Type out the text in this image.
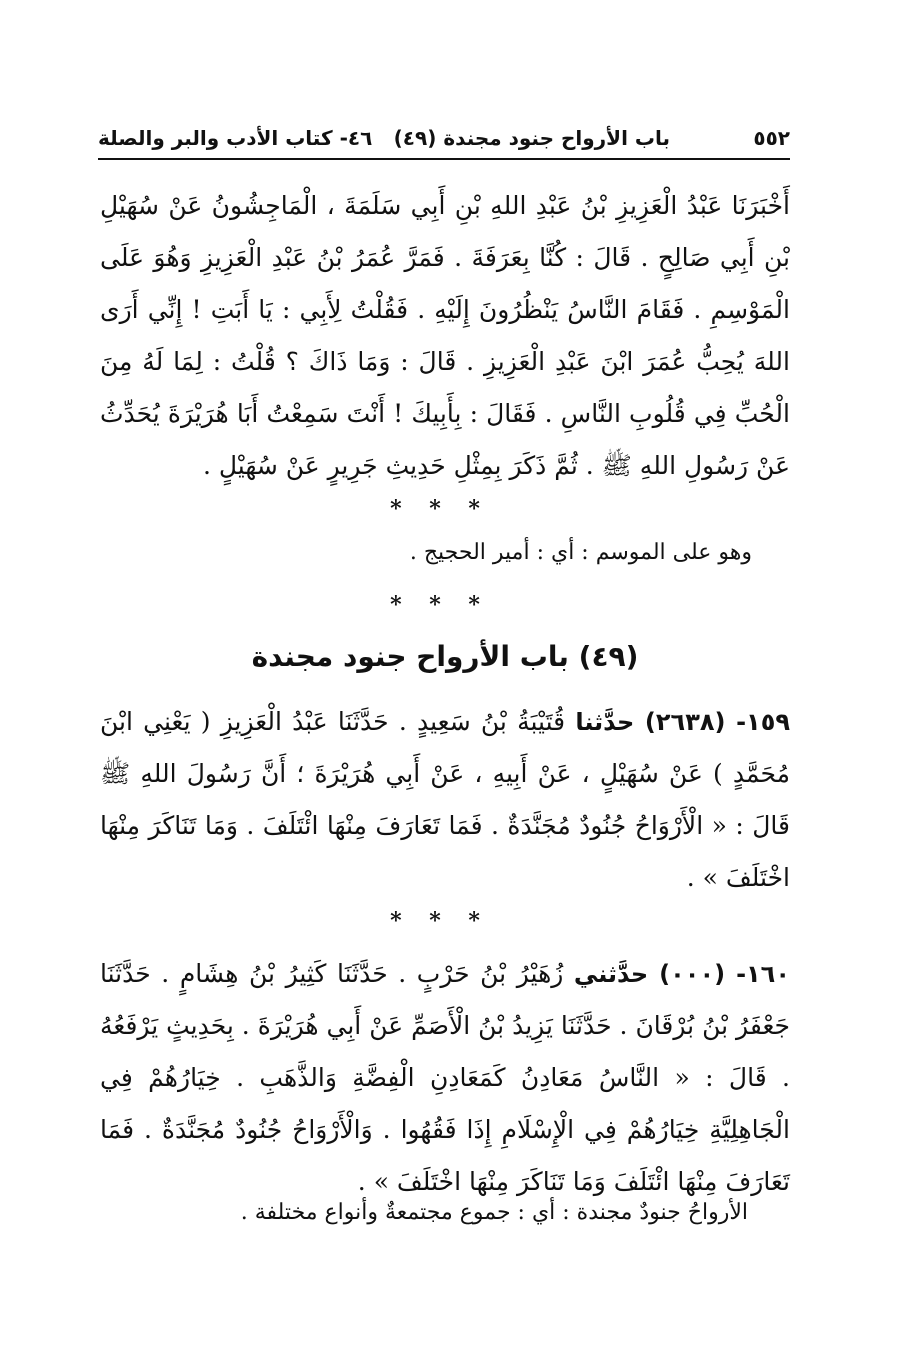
٥٥٢
(٤٩) باب الأرواح جنود مجندة
٤٦- كتاب الأدب والبر والصلة

أَخْبَرَنَا عَبْدُ الْعَزِيزِ بْنُ عَبْدِ اللهِ بْنِ أَبِي سَلَمَةَ ، الْمَاجِشُونُ عَنْ سُهَيْلِ بْنِ أَبِي صَالِحٍ . قَالَ : كُنَّا بِعَرَفَةَ . فَمَرَّ عُمَرُ بْنُ عَبْدِ الْعَزِيزِ وَهُوَ عَلَى الْمَوْسِمِ . فَقَامَ النَّاسُ يَنْظُرُونَ إِلَيْهِ . فَقُلْتُ لِأَبِي : يَا أَبَتِ ! إِنِّي أَرَى اللهَ يُحِبُّ عُمَرَ ابْنَ عَبْدِ الْعَزِيزِ . قَالَ : وَمَا ذَاكَ ؟ قُلْتُ : لِمَا لَهُ مِنَ الْحُبِّ فِي قُلُوبِ النَّاسِ . فَقَالَ : بِأَبِيكَ ! أَنْتَ سَمِعْتُ أَبَا هُرَيْرَةَ يُحَدِّثُ عَنْ رَسُولِ اللهِ ﷺ . ثُمَّ ذَكَرَ بِمِثْلِ حَدِيثِ جَرِيرٍ عَنْ سُهَيْلٍ .

* * *
وهو على الموسم : أي : أمير الحجيج .
* * *
(٤٩) باب الأرواح جنود مجندة

١٥٩- (٢٦٣٨) حدَّثنا قُتَيْبَةُ بْنُ سَعِيدٍ . حَدَّثَنَا عَبْدُ الْعَزِيزِ ( يَعْنِي ابْنَ مُحَمَّدٍ ) عَنْ سُهَيْلٍ ، عَنْ أَبِيهِ ، عَنْ أَبِي هُرَيْرَةَ ؛ أَنَّ رَسُولَ اللهِ ﷺ قَالَ : « الْأَرْوَاحُ جُنُودٌ مُجَنَّدَةٌ . فَمَا تَعَارَفَ مِنْهَا ائْتَلَفَ . وَمَا تَنَاكَرَ مِنْهَا اخْتَلَفَ » .

* * *

١٦٠- (٠٠٠) حدَّثني زُهَيْرُ بْنُ حَرْبٍ . حَدَّثَنَا كَثِيرُ بْنُ هِشَامٍ . حَدَّثَنَا جَعْفَرُ بْنُ بُرْقَانَ . حَدَّثَنَا يَزِيدُ بْنُ الْأَصَمِّ عَنْ أَبِي هُرَيْرَةَ . بِحَدِيثٍ يَرْفَعُهُ . قَالَ : « النَّاسُ مَعَادِنُ كَمَعَادِنِ الْفِضَّةِ وَالذَّهَبِ . خِيَارُهُمْ فِي الْجَاهِلِيَّةِ خِيَارُهُمْ فِي الْإِسْلَامِ إِذَا فَقُهُوا . وَالْأَرْوَاحُ جُنُودٌ مُجَنَّدَةٌ . فَمَا تَعَارَفَ مِنْهَا ائْتَلَفَ وَمَا تَنَاكَرَ مِنْهَا اخْتَلَفَ » .

الأرواحُ جنودٌ مجندة : أي : جموع مجتمعةٌ وأنواع مختلفة .
